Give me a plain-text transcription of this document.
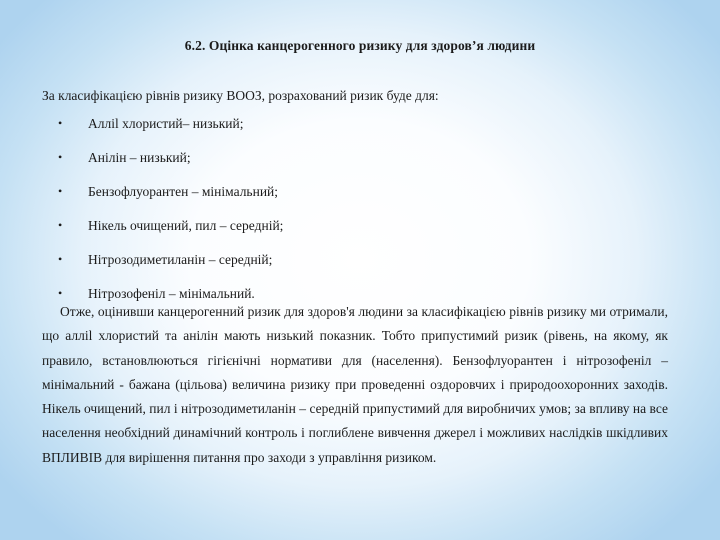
6.2. Оцінка канцерогенного ризику для здоров’я людини
За класифікацією рівнів ризику ВООЗ, розрахований ризик буде для:
•	Аллil хлористий– низький;
•	Анілін – низький;
•	Бензофлуорантен – мінімальний;
•	Нікель очищений, пил – середній;
•	Нітрозодиметиланін – середній;
•	Нітрозофеніл – мінімальний.

Отже, оцінивши канцерогенний ризик для здоров'я людини за класифікацією рівнів ризику ми отримали, що аллil хлористий та анілін мають низький показник. Тобто припустимий ризик (рівень, на якому, як правило, встановлюються гігієнічні нормативи для (населення). Бензофлуорантен і нітрозофеніл – мінімальний - бажана (цільова) величина ризику при проведенні оздоровчих і природоохоронних заходів. Нікель очищений, пил і нітрозодиметиланін – середній припустимий для виробничих умов; за впливу на все населення необхідний динамічний контроль і поглиблене вивчення джерел і можливих наслідків шкідливих ВПЛИВІВ для вирішення питання про заходи з управління ризиком.
